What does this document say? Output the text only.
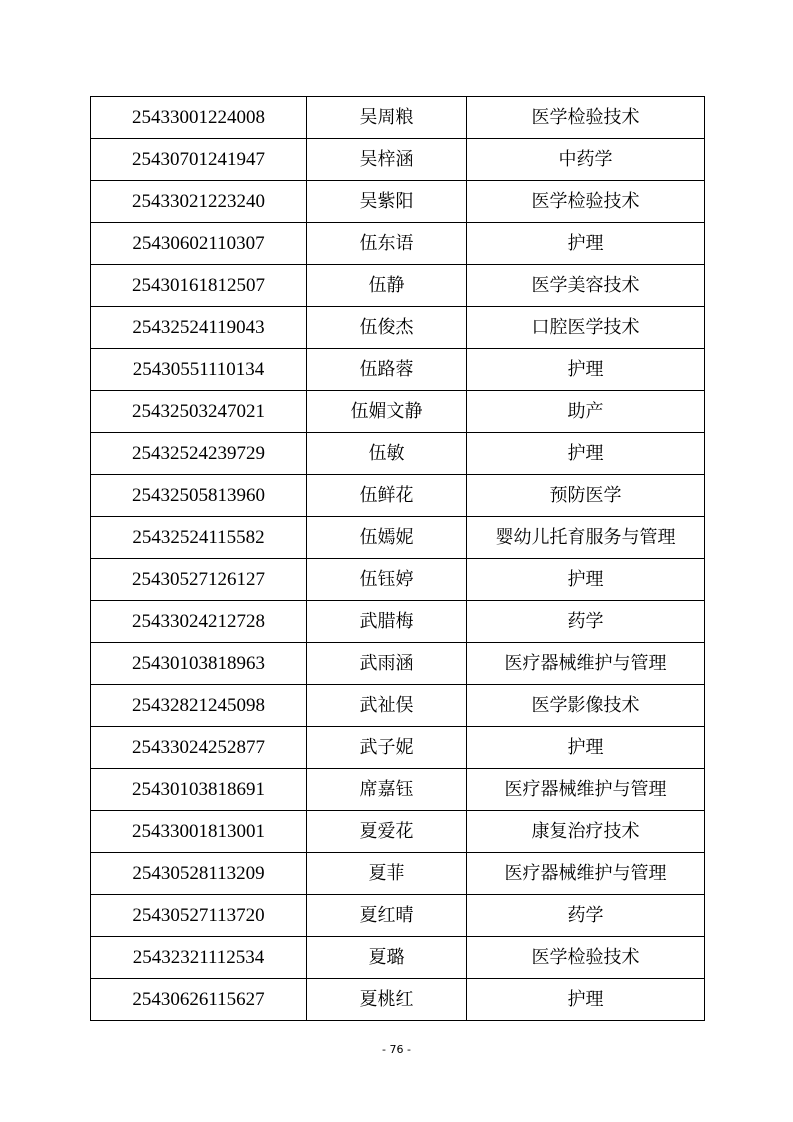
25433001224008	吴周粮	医学检验技术
25430701241947	吴梓涵	中药学
25433021223240	吴紫阳	医学检验技术
25430602110307	伍东语	护理
25430161812507	伍静	医学美容技术
25432524119043	伍俊杰	口腔医学技术
25430551110134	伍路蓉	护理
25432503247021	伍媚文静	助产
25432524239729	伍敏	护理
25432505813960	伍鲜花	预防医学
25432524115582	伍嫣妮	婴幼儿托育服务与管理
25430527126127	伍钰婷	护理
25433024212728	武腊梅	药学
25430103818963	武雨涵	医疗器械维护与管理
25432821245098	武祉俣	医学影像技术
25433024252877	武子妮	护理
25430103818691	席嘉钰	医疗器械维护与管理
25433001813001	夏爱花	康复治疗技术
25430528113209	夏菲	医疗器械维护与管理
25430527113720	夏红晴	药学
25432321112534	夏璐	医学检验技术
25430626115627	夏桃红	护理
- 76 -
